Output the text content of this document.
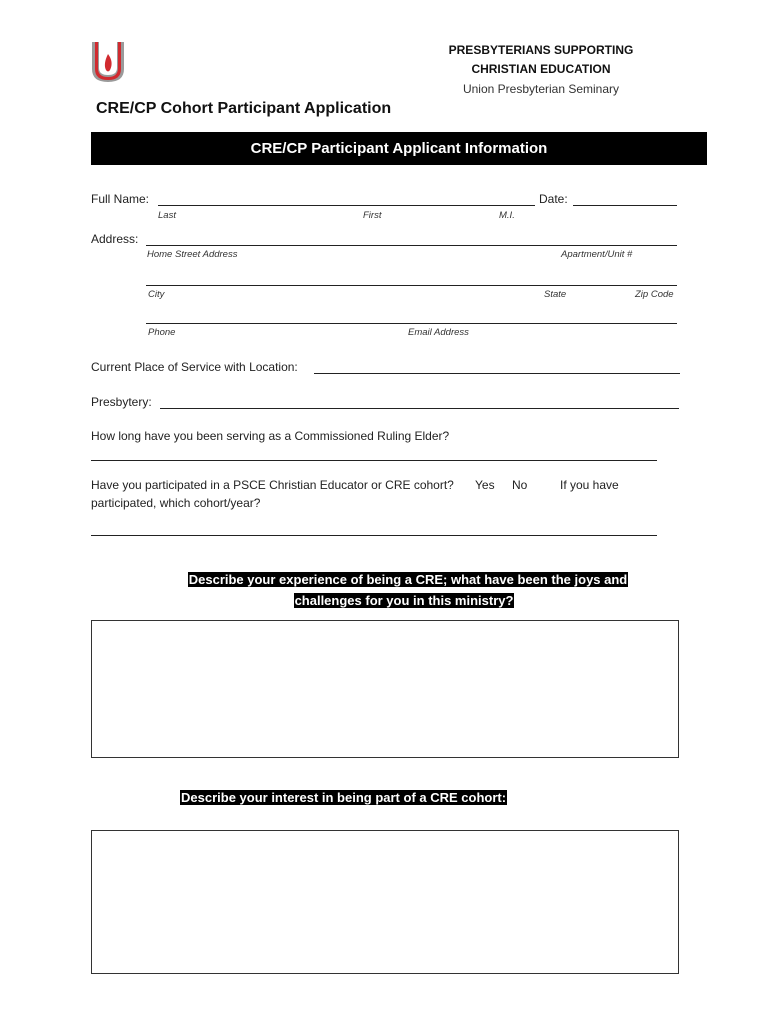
PRESBYTERIANS SUPPORTING
CHRISTIAN EDUCATION
Union Presbyterian Seminary
CRE/CP Cohort Participant Application
CRE/CP Participant Applicant Information
Full Name:	Date:
Last	First	M.I.
Address:
Home Street Address	Apartment/Unit #
City	State	Zip Code
Phone	Email Address
Current Place of Service with Location:
Presbytery:
How long have you been serving as a Commissioned Ruling Elder?
Have you participated in a PSCE Christian Educator or CRE cohort? Yes No	If you have
participated, which cohort/year?
Describe your experience of being a CRE; what have been the joys and
challenges for you in this ministry?
Describe your interest in being part of a CRE cohort:
